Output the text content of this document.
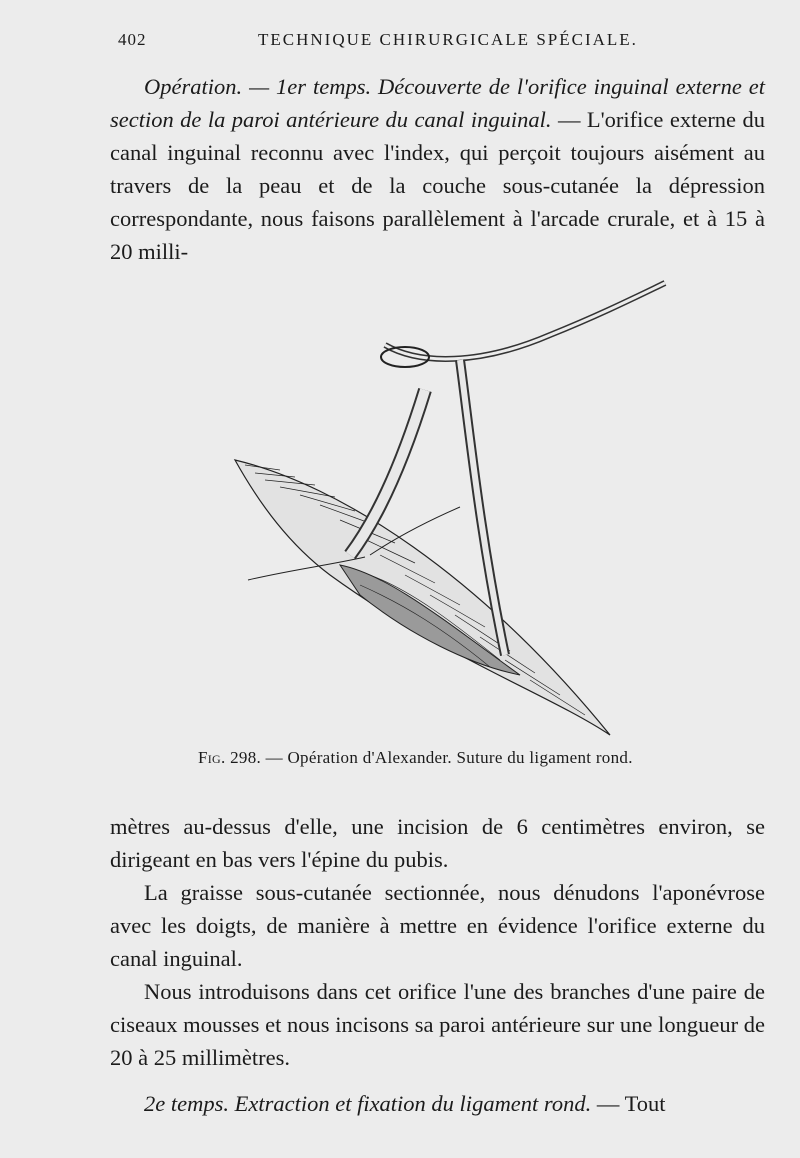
402	TECHNIQUE CHIRURGICALE SPÉCIALE.

Opération. — 1er temps. Découverte de l'orifice inguinal externe et section de la paroi antérieure du canal inguinal. — L'orifice externe du canal inguinal reconnu avec l'index, qui perçoit toujours aisément au travers de la peau et de la couche sous-cutanée la dépression correspondante, nous faisons parallèlement à l'arcade crurale, et à 15 à 20 milli-

Fig. 298. — Opération d'Alexander. Suture du ligament rond.

mètres au-dessus d'elle, une incision de 6 centimètres environ, se dirigeant en bas vers l'épine du pubis.

La graisse sous-cutanée sectionnée, nous dénudons l'aponévrose avec les doigts, de manière à mettre en évidence l'orifice externe du canal inguinal.

Nous introduisons dans cet orifice l'une des branches d'une paire de ciseaux mousses et nous incisons sa paroi antérieure sur une longueur de 20 à 25 millimètres.

2e temps. Extraction et fixation du ligament rond. — Tout
